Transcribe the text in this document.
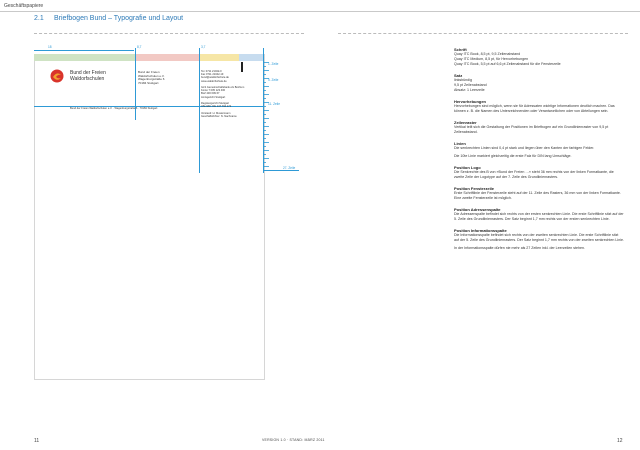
Geschäftspapiere
2.1 Briefbogen Bund – Typografie und Layout
18	8,7	3,7
Bund der Freien
Waldorfschulen
Bund der Freien
Waldorfschulen e.V.
Wagenburgstraße 6
70184 Stuttgart
Tel. 0711 21042-0
Fax 0711 21042-19
bund@waldorfschule.de
www.waldorfschule.de

GLS Gemeinschaftsbank eG Bochum
Konto 7 005 123 400
BLZ 430 609 67
Amtsgericht Stuttgart

Registergericht Stuttgart
USt-IdNr. DE 147 794 172

Vorstand: H. Mustermann
Geschäftsführer: N. Nachname
Bund der Freien Waldorfschulen e.V. · Wagenburgstraße 6 · 70184 Stuttgart
1. Zeile
5. Zeile
11. Zeile
27. Zeile
Schrift
Quay ITC Book, 8,5 pt, 9,5 Zeilenabstand
Quay ITC Medium, 8,5 pt, für Hervorhebungen
Quay ITC Book, 5,5 pt auf 6,6 pt Zeilenabstand für die Fensterzeile
Satz
linksbündig
9,5 pt Zeilenabstand
Absatz: 1 Leerzeile
Hervorhebungen
Hervorhebungen sind möglich, wenn sie für Adressaten wichtige Informationen deutlich machen. Das können z. B. die Namen des Unterzeichnenden oder Verantwortlichen oder von Abteilungen sein.
Zeilenraster
Vertikal teilt sich die Gestaltung der Positionen im Briefbogen auf ein Grundlinienraster von 9,5 pt Zeilenabstand.
Linien
Die senkrechten Linien sind 0,4 pt stark und liegen über den Kanten der farbigen Felder.
Die 10te Linie markiert gleichzeitig die erste Falz für DIN lang Umschläge.
Position Logo
Die Senkrechte des B von »Bund der Freien …« steht 36 mm rechts von der linken Formatkante, die zweite Zeile der Logotype auf der 7. Zeile des Grundlinienrasters.
Position Fensterzeile
Erste Schriftlinie der Fensterzeile steht auf der 11. Zeile des Rasters, 36 mm von der linken Formatkante. Eine zweite Fensterzeile ist möglich.
Position Adressenspalte
Die Adressenspalte befindet sich rechts von der ersten senkrechten Linie. Die erste Schriftlinie sitzt auf der 5. Zeile des Grundlinienrasters. Der Satz beginnt 1,7 mm rechts von der ersten senkrechten Linie.
Position Informationsspalte
Die Informationsspalte befindet sich rechts von der zweiten senkrechten Linie. Die erste Schriftlinie sitzt auf der 5. Zeile des Grundlinienrasters. Der Satz beginnt 1,7 mm rechts von der zweiten senkrechten Linie.
In der Informationsspalte dürfen nie mehr als 27 Zeilen inkl. der Leerzeilen stehen.
11	12
VERSION 1.0 · STAND: MÄRZ 2011
